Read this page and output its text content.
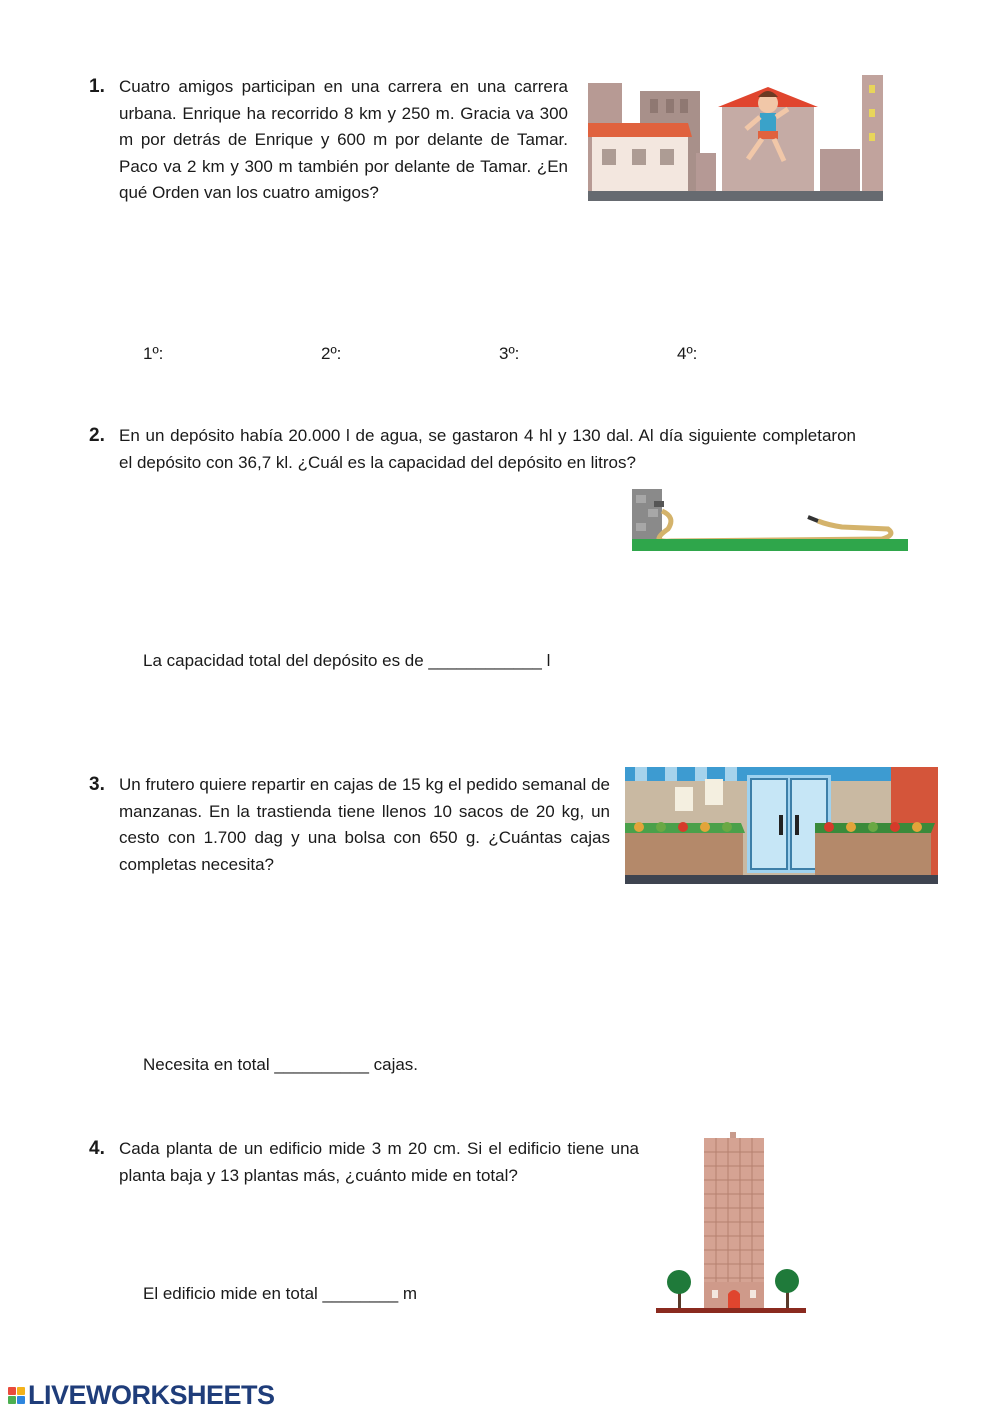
1. Cuatro amigos participan en una carrera en una carrera urbana. Enrique ha recorrido 8 km y 250 m. Gracia va 300 m por detrás de Enrique y 600 m por delante de Tamar. Paco va 2 km y 300 m también por delante de Tamar. ¿En qué Orden van los cuatro amigos?
1º:	2º:	3º:	4º:
2. En un depósito había 20.000 l de agua, se gastaron 4 hl y 130 dal. Al día siguiente completaron el depósito con 36,7 kl. ¿Cuál es la capacidad del depósito en litros?
La capacidad total del depósito es de ____________ l
3. Un frutero quiere repartir en cajas de 15 kg el pedido semanal de manzanas. En la trastienda tiene llenos 10 sacos de 20 kg, un cesto con 1.700 dag y una bolsa con 650 g. ¿Cuántas cajas completas necesita?
Necesita en total __________ cajas.
4. Cada planta de un edificio mide 3 m 20 cm. Si el edificio tiene una planta baja y 13 plantas más, ¿cuánto mide en total?
El edificio mide en total ________ m
LIVEWORKSHEETS
